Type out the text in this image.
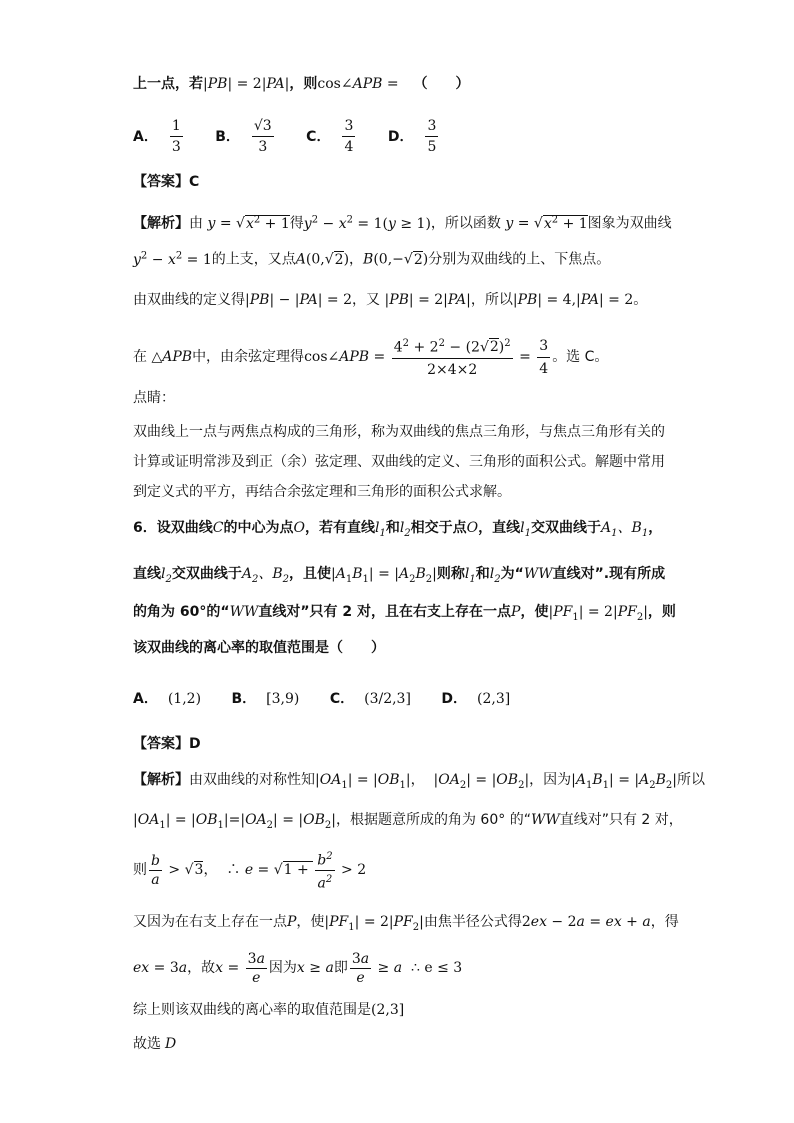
上一点，若|PB| = 2|PA|，则cos∠APB = （　　）
A． $\frac{1}{3}$ B． $\frac{√3}{3}$ C． $\frac{3}{4}$ D． $\frac{3}{5}$
【答案】C
【解析】由 $y = √x^2 + 1$得$y^2 - x^2 = 1(y \ge 1)$，所以函数 $y = √x^2 + 1$图象为双曲线
$y^2 - x^2 = 1$的上支，又点A(0,√2)，B(0,−√2)分别为双曲线的上、下焦点。
由双曲线的定义得|PB| − |PA| = 2，又 |PB| = 2|PA|，所以|PB| = 4,|PA| = 2。
在 △APB中，由余弦定理得cos∠APB = $\frac{4^2 + 2^2 - (2√2)^2}{2\times 4\times 2} = \frac{3}{4}$ 。选 C。
点睛：
双曲线上一点与两焦点构成的三角形，称为双曲线的焦点三角形，与焦点三角形有关的
计算或证明常涉及到正（余）弦定理、双曲线的定义、三角形的面积公式。解题中常用
到定义式的平方，再结合余弦定理和三角形的面积公式求解。
6．设双曲线C的中心为点O，若有直线$l_1$和$l_2$相交于点O，直线$l_1$交双曲线于$A_1$、$B_1$，
直线$l_2$交双曲线于$A_2$、$B_2$，且使$|A_1B_1| = |A_2B_2|$则称$l_1$和$l_2$为“WW直线对”.现有所成
的角为 60°的“WW直线对”只有 2 对，且在右支上存在一点P，使$|PF_1| = 2|PF_2|$，则
该双曲线的离心率的取值范围是（　　）
A． (1,2) B． [3,9) C． (3/2,3] D． (2,3]
【答案】D
【解析】由双曲线的对称性知$|OA_1| = |OB_1|$，  $|OA_2| = |OB_2|$，因为$|A_1B_1| = |A_2B_2|$所以
$|OA_1| = |OB_1|=|OA_2| = |OB_2|$，根据题意所成的角为 60° 的“WW直线对”只有 2 对，
则 $\frac{b}{a} > √3$，  ∴ $e = √1 + \frac{b^2}{a^2} > 2$
又因为在右支上存在一点P，使$|PF_1| = 2|PF_2|$由焦半径公式得2ex − 2a = ex + a，得
ex = 3a，故$x = \frac{3a}{e}$ 因为x ≥ a即 $\frac{3a}{e} \ge a$  ∴ e ≤ 3
综上则该双曲线的离心率的取值范围是(2,3]
故选 D
